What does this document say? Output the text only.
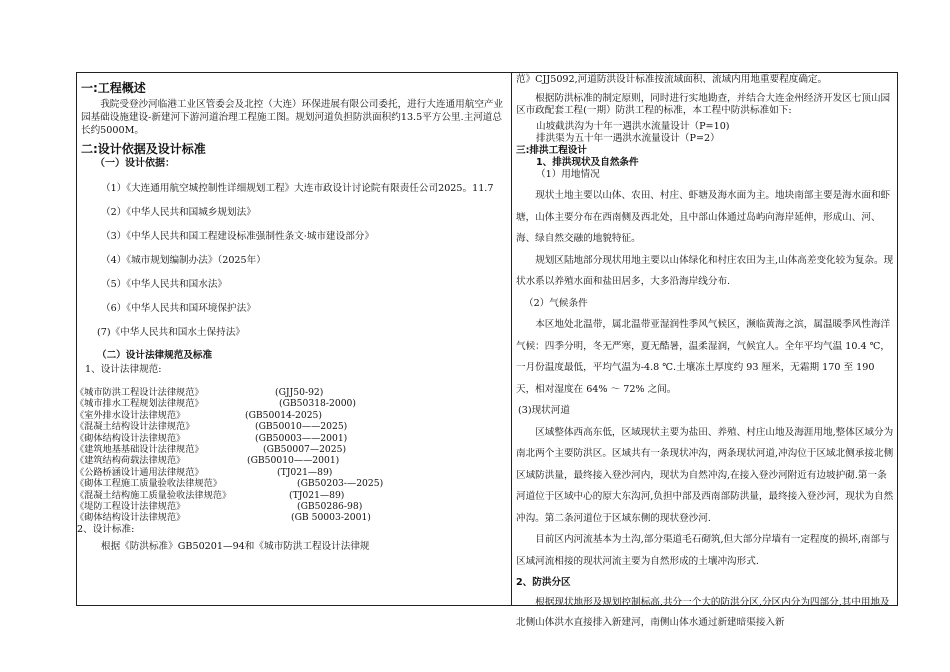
一:工程概述

我院受登沙河临港工业区管委会及北控（大连）环保进展有限公司委托，进行大连通用航空产业园基础设施建设-新建河下游河道治理工程施工图。规划河道负担防洪面积约13.5平方公里.主河道总长约5000M。

二:设计依据及设计标准

（一）设计依据：

（1）《大连通用航空城控制性详细规划工程》大连市政设计讨论院有限责任公司2025。11.7

（2）《中华人民共和国城乡规划法》

（3）《中华人民共和国工程建设标准强制性条文·城市建设部分》

（4）《城市规划编制办法》（2025年）

（5）《中华人民共和国水法》

（6）《中华人民共和国环境保护法》

(7)《中华人民共和国水土保持法》

（二）设计法律规范及标准

1、设计法律规范:

《城市防洪工程设计法律规范》	(GJJ50-92)
《城市排水工程规划法律规范》	(GB50318-2000)
《室外排水设计法律规范》	(GB50014-2025)
《混凝土结构设计法律规范》	(GB50010——2025)
《砌体结构设计法律规范》	(GB50003——2001)
《建筑地基基础设计法律规范》	(GB50007—2025)
《建筑结构荷载法律规范》	(GB50010——2001)
《公路桥涵设计通用法律规范》	(TJ021—89)
《砌体工程施工质量验收法律规范》	(GB50203-—2025)
《混凝土结构施工质量验收法律规范》	(TJ021—89)
《堤防工程设计法律规范》	(GB50286-98)
《砌体结构设计法律规范》	(GB 50003-2001)

2、设计标准:

根据《防洪标准》GB50201—94和《城市防洪工程设计法律规

范》CJJ5092,河道防洪设计标准按流域面积、流域内用地重要程度确定。

根据防洪标准的制定原则，同时进行实地勘查，并结合大连金州经济开发区七顶山园区市政配套工程(一期）防洪工程的标准，本工程中防洪标准如下:

山坡截洪沟为十年一遇洪水流量设计（P=10)

排洪渠为五十年一遇洪水流量设计（P=2）

三:排洪工程设计

1、排洪现状及自然条件

（1）用地情况

现状土地主要以山体、农田、村庄、虾塘及海水面为主。地块南部主要是海水面和虾塘，山体主要分布在西南侧及西北处，且中部山体通过岛屿向海岸延伸，形成山、河、海、绿自然交融的地貌特征。

规划区陆地部分现状用地主要以山体绿化和村庄农田为主,山体高差变化较为复杂。现状水系以养殖水面和盐田居多，大多沿海岸线分布.

（2）气候条件

本区地处北温带，属北温带亚湿润性季风气候区，濒临黄海之滨，属温暖季风性海洋气候：四季分明，冬无严寒，夏无酷暑，温柔湿润，气候宜人。全年平均气温 10.4 ℃，一月份温度最低，平均气温为-4.8 ℃.土壤冻土厚度约 93 厘米，无霜期 170 至 190 天，相对湿度在 64% ～ 72% 之间。

(3)现状河道

区域整体西高东低，区域现状主要为盐田、养殖、村庄山地及海涯用地,整体区域分为南北两个主要防洪区。区域共有一条现状冲沟，两条现状河道,冲沟位于区域北侧承接北侧区域防洪量，最终接入登沙河内，现状为自然冲沟,在接入登沙河附近有边坡护砌.第一条河道位于区域中心的原大东沟河,负担中部及西南部防洪量，最终接入登沙河，现状为自然冲沟。第二条河道位于区域东侧的现状登沙河.

目前区内河流基本为土沟,部分渠道毛石砌筑,但大部分岸墙有一定程度的损坏,南部与区域河流相接的现状河流主要为自然形成的土壤冲沟形式.

2、防洪分区

根据现状地形及规划控制标高,共分一个大的防洪分区,分区内分为四部分,其中用地及北侧山体洪水直接排入新建河，南侧山体水通过新建暗渠接入新
